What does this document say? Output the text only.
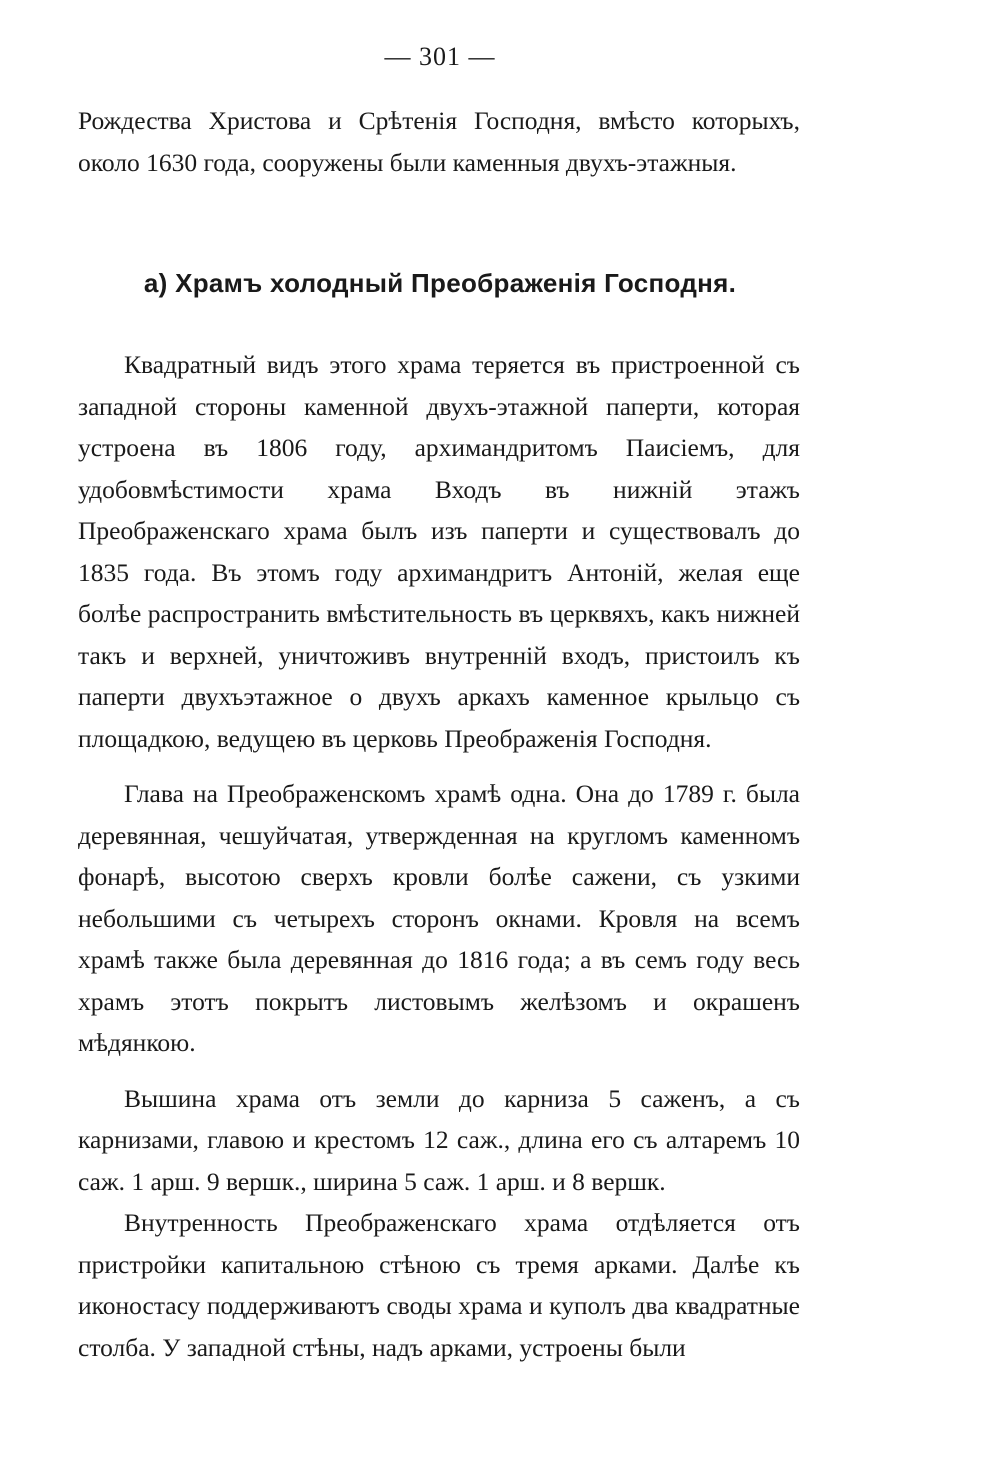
— 301 —

Рождества Христова и Срѣтенія Господня, вмѣсто которыхъ, около 1630 года, сооружены были каменныя двухъ-этажныя.

а) Храмъ холодный Преображенія Господня.

Квадратный видъ этого храма теряется въ пристроенной съ западной стороны каменной двухъ-этажной паперти, которая устроена въ 1806 году, архимандритомъ Паисіемъ, для удобовмѣстимости храма Входъ въ нижній этажъ Преображенскаго храма былъ изъ паперти и существовалъ до 1835 года. Въ этомъ году архимандритъ Антоній, желая еще болѣе распространить вмѣстительность въ церквяхъ, какъ нижней такъ и верхней, уничтоживъ внутренній входъ, пристоилъ къ паперти двухъэтажное о двухъ аркахъ каменное крыльцо съ площадкою, ведущею въ церковь Преображенія Господня.

Глава на Преображенскомъ храмѣ одна. Она до 1789 г. была деревянная, чешуйчатая, утвержденная на кругломъ каменномъ фонарѣ, высотою сверхъ кровли болѣе сажени, съ узкими небольшими съ четырехъ сторонъ окнами. Кровля на всемъ храмѣ также была деревянная до 1816 года; а въ семъ году весь храмъ этотъ покрытъ листовымъ желѣзомъ и окрашенъ мѣдянкою.

Вышина храма отъ земли до карниза 5 саженъ, а съ карнизами, главою и крестомъ 12 саж., длина его съ алтаремъ 10 саж. 1 арш. 9 вершк., ширина 5 саж. 1 арш. и 8 вершк.

Внутренность Преображенскаго храма отдѣляется отъ пристройки капитальною стѣною съ тремя арками. Далѣе къ иконостасу поддерживаютъ своды храма и куполъ два квадратные столба. У западной стѣны, надъ арками, устроены были
